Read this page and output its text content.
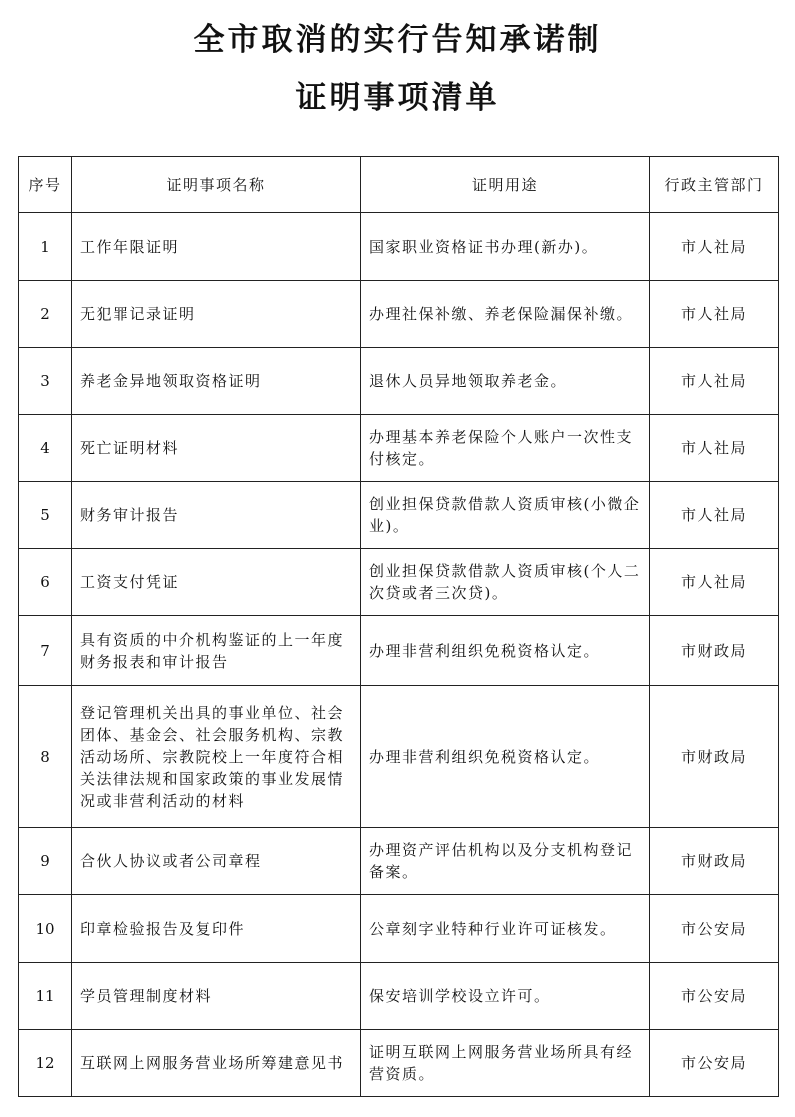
全市取消的实行告知承诺制
证明事项清单
序号	证明事项名称	证明用途	行政主管部门
1	工作年限证明	国家职业资格证书办理(新办)。	市人社局
2	无犯罪记录证明	办理社保补缴、养老保险漏保补缴。	市人社局
3	养老金异地领取资格证明	退休人员异地领取养老金。	市人社局
4	死亡证明材料	办理基本养老保险个人账户一次性支付核定。	市人社局
5	财务审计报告	创业担保贷款借款人资质审核(小微企业)。	市人社局
6	工资支付凭证	创业担保贷款借款人资质审核(个人二次贷或者三次贷)。	市人社局
7	具有资质的中介机构鉴证的上一年度财务报表和审计报告	办理非营利组织免税资格认定。	市财政局
8	登记管理机关出具的事业单位、社会团体、基金会、社会服务机构、宗教活动场所、宗教院校上一年度符合相关法律法规和国家政策的事业发展情况或非营利活动的材料	办理非营利组织免税资格认定。	市财政局
9	合伙人协议或者公司章程	办理资产评估机构以及分支机构登记备案。	市财政局
10	印章检验报告及复印件	公章刻字业特种行业许可证核发。	市公安局
11	学员管理制度材料	保安培训学校设立许可。	市公安局
12	互联网上网服务营业场所筹建意见书	证明互联网上网服务营业场所具有经营资质。	市公安局
